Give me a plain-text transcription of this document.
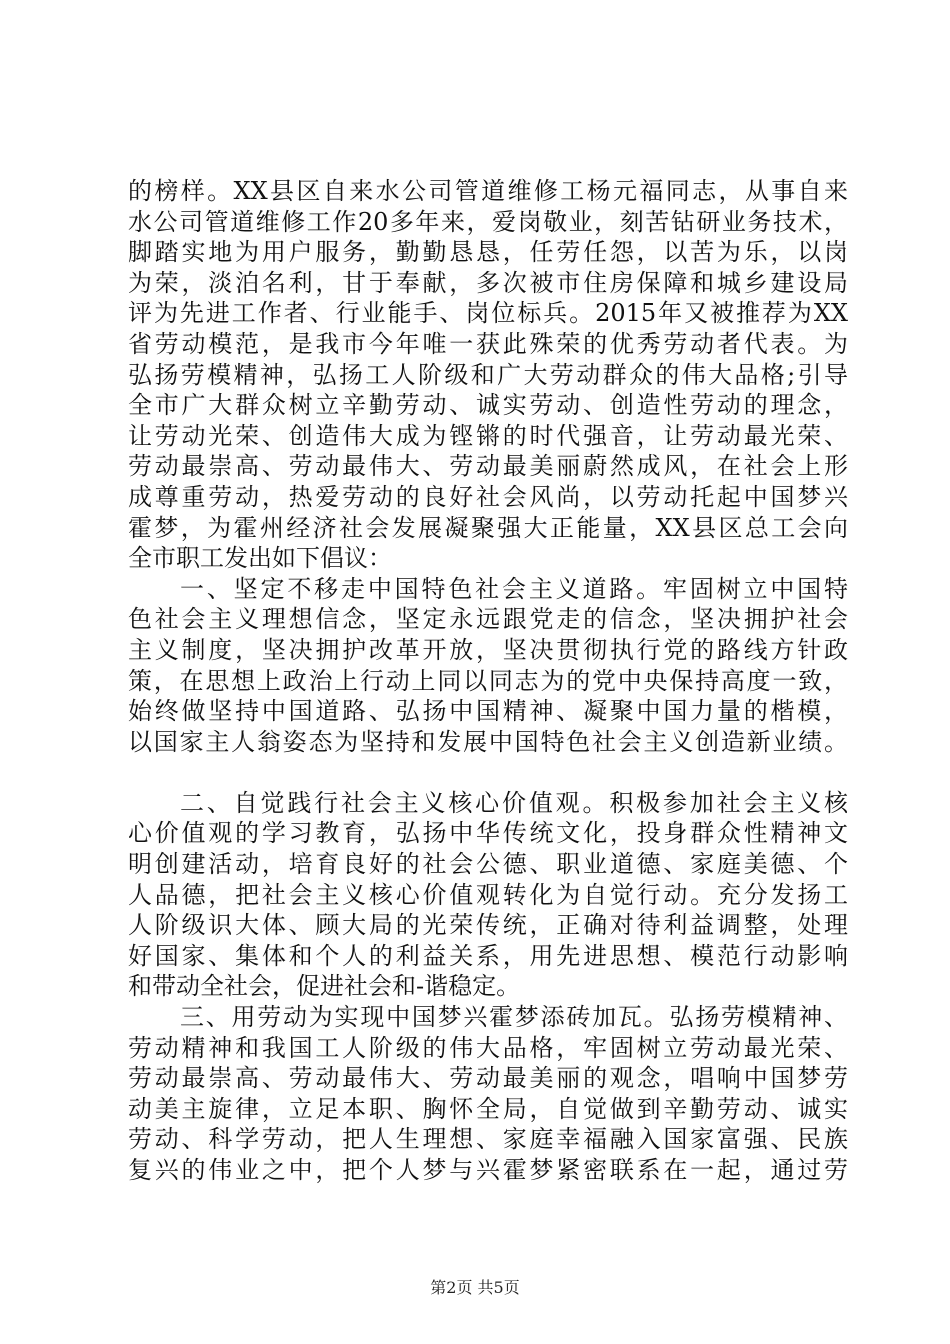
的榜样。XX县区自来水公司管道维修工杨元福同志，从事自来
水公司管道维修工作20多年来，爱岗敬业，刻苦钻研业务技术，
脚踏实地为用户服务，勤勤恳恳，任劳任怨，以苦为乐，以岗
为荣，淡泊名利，甘于奉献，多次被市住房保障和城乡建设局
评为先进工作者、行业能手、岗位标兵。2015年又被推荐为XX
省劳动模范，是我市今年唯一获此殊荣的优秀劳动者代表。为
弘扬劳模精神，弘扬工人阶级和广大劳动群众的伟大品格;引导
全市广大群众树立辛勤劳动、诚实劳动、创造性劳动的理念，
让劳动光荣、创造伟大成为铿锵的时代强音，让劳动最光荣、
劳动最崇高、劳动最伟大、劳动最美丽蔚然成风，在社会上形
成尊重劳动，热爱劳动的良好社会风尚，以劳动托起中国梦兴
霍梦，为霍州经济社会发展凝聚强大正能量，XX县区总工会向
全市职工发出如下倡议：
一、坚定不移走中国特色社会主义道路。牢固树立中国特
色社会主义理想信念，坚定永远跟党走的信念，坚决拥护社会
主义制度，坚决拥护改革开放，坚决贯彻执行党的路线方针政
策，在思想上政治上行动上同以同志为的党中央保持高度一致，
始终做坚持中国道路、弘扬中国精神、凝聚中国力量的楷模，
以国家主人翁姿态为坚持和发展中国特色社会主义创造新业绩。
二、自觉践行社会主义核心价值观。积极参加社会主义核
心价值观的学习教育，弘扬中华传统文化，投身群众性精神文
明创建活动，培育良好的社会公德、职业道德、家庭美德、个
人品德，把社会主义核心价值观转化为自觉行动。充分发扬工
人阶级识大体、顾大局的光荣传统，正确对待利益调整，处理
好国家、集体和个人的利益关系，用先进思想、模范行动影响
和带动全社会，促进社会和-谐稳定。
三、用劳动为实现中国梦兴霍梦添砖加瓦。弘扬劳模精神、
劳动精神和我国工人阶级的伟大品格，牢固树立劳动最光荣、
劳动最崇高、劳动最伟大、劳动最美丽的观念，唱响中国梦劳
动美主旋律，立足本职、胸怀全局，自觉做到辛勤劳动、诚实
劳动、科学劳动，把人生理想、家庭幸福融入国家富强、民族
复兴的伟业之中，把个人梦与兴霍梦紧密联系在一起，通过劳
第2页 共5页
